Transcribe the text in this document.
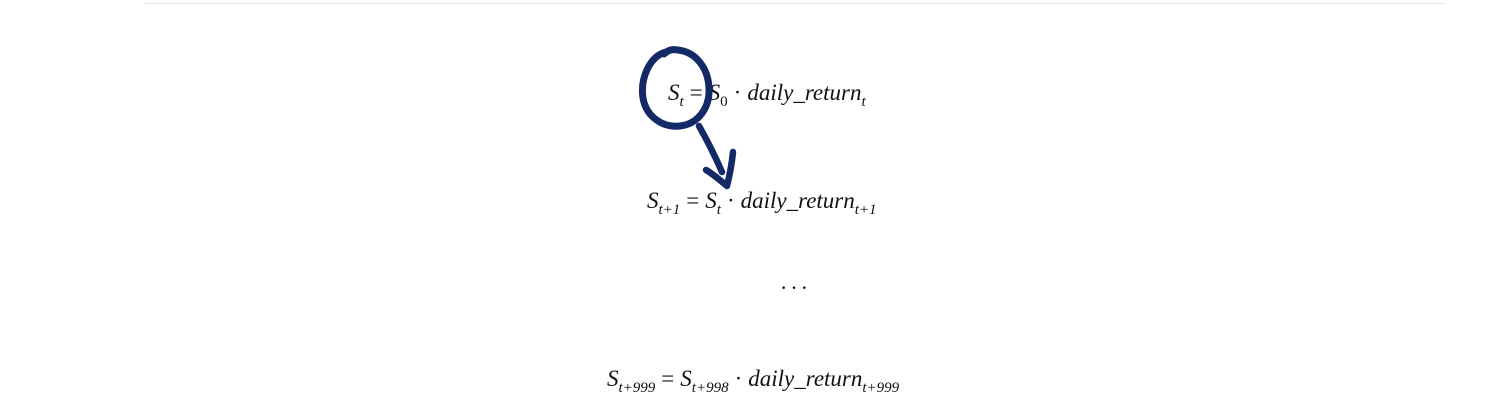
$S_t = S_0$ · daily_return$_t$
$S_{t+1} = S_t$ · daily_return$_{t+1}$
···
$S_{t+999} = S_{t+998}$ · daily_return$_{t+999}$
